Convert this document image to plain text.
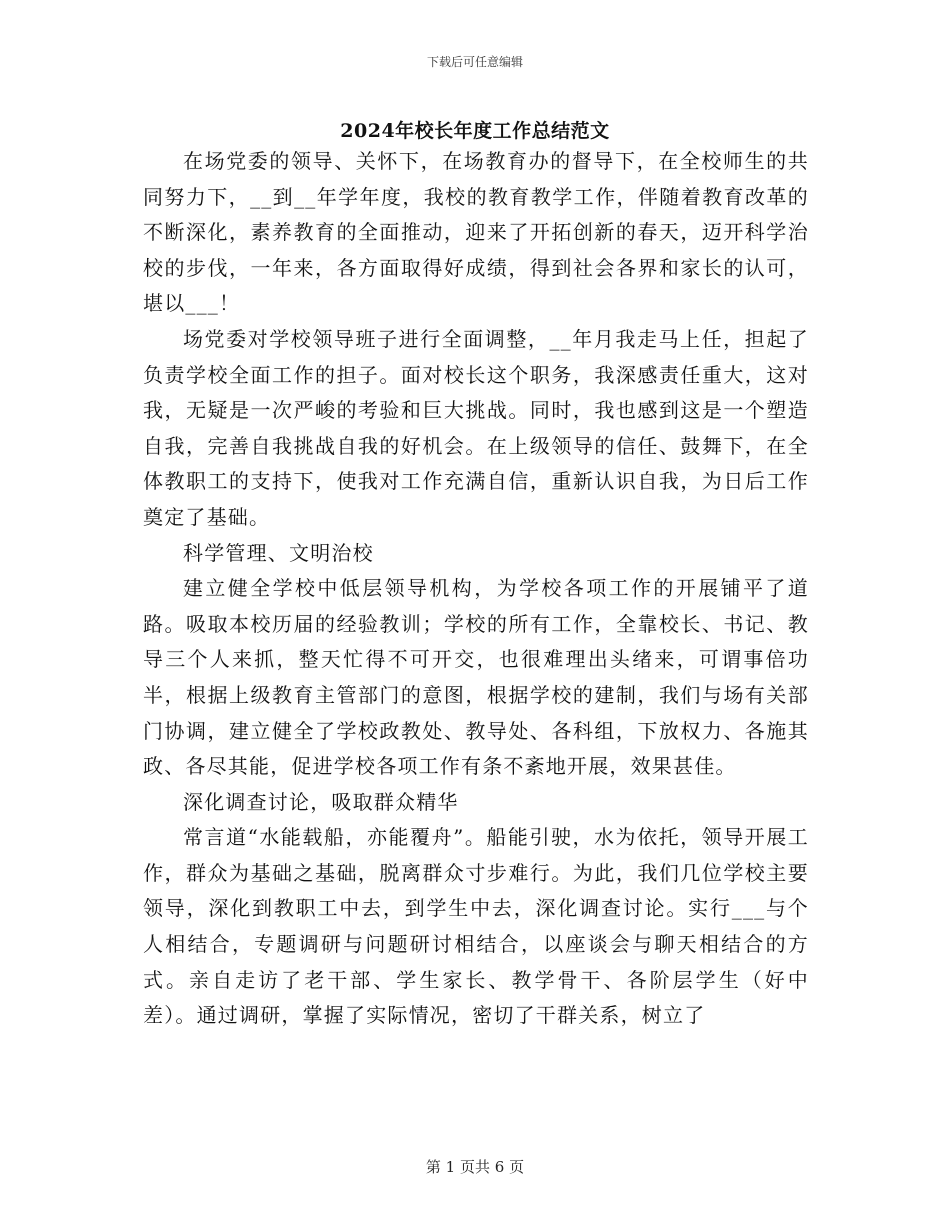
下载后可任意编辑
2024年校长年度工作总结范文

在场党委的领导、关怀下，在场教育办的督导下，在全校师生的共同努力下，__到__年学年度，我校的教育教学工作，伴随着教育改革的不断深化，素养教育的全面推动，迎来了开拓创新的春天，迈开科学治校的步伐，一年来，各方面取得好成绩，得到社会各界和家长的认可，堪以___！

场党委对学校领导班子进行全面调整，__年月我走马上任，担起了负责学校全面工作的担子。面对校长这个职务，我深感责任重大，这对我，无疑是一次严峻的考验和巨大挑战。同时，我也感到这是一个塑造自我，完善自我挑战自我的好机会。在上级领导的信任、鼓舞下，在全体教职工的支持下，使我对工作充满自信，重新认识自我，为日后工作奠定了基础。

科学管理、文明治校

建立健全学校中低层领导机构，为学校各项工作的开展铺平了道路。吸取本校历届的经验教训；学校的所有工作，全靠校长、书记、教导三个人来抓，整天忙得不可开交，也很难理出头绪来，可谓事倍功半，根据上级教育主管部门的意图，根据学校的建制，我们与场有关部门协调，建立健全了学校政教处、教导处、各科组，下放权力、各施其政、各尽其能，促进学校各项工作有条不紊地开展，效果甚佳。

深化调查讨论，吸取群众精华

常言道“水能载船，亦能覆舟”。船能引驶，水为依托，领导开展工作，群众为基础之基础，脱离群众寸步难行。为此，我们几位学校主要领导，深化到教职工中去，到学生中去，深化调查讨论。实行___与个人相结合，专题调研与问题研讨相结合，以座谈会与聊天相结合的方式。亲自走访了老干部、学生家长、教学骨干、各阶层学生（好中差）。通过调研，掌握了实际情况，密切了干群关系，树立了

第 1 页共 6 页
